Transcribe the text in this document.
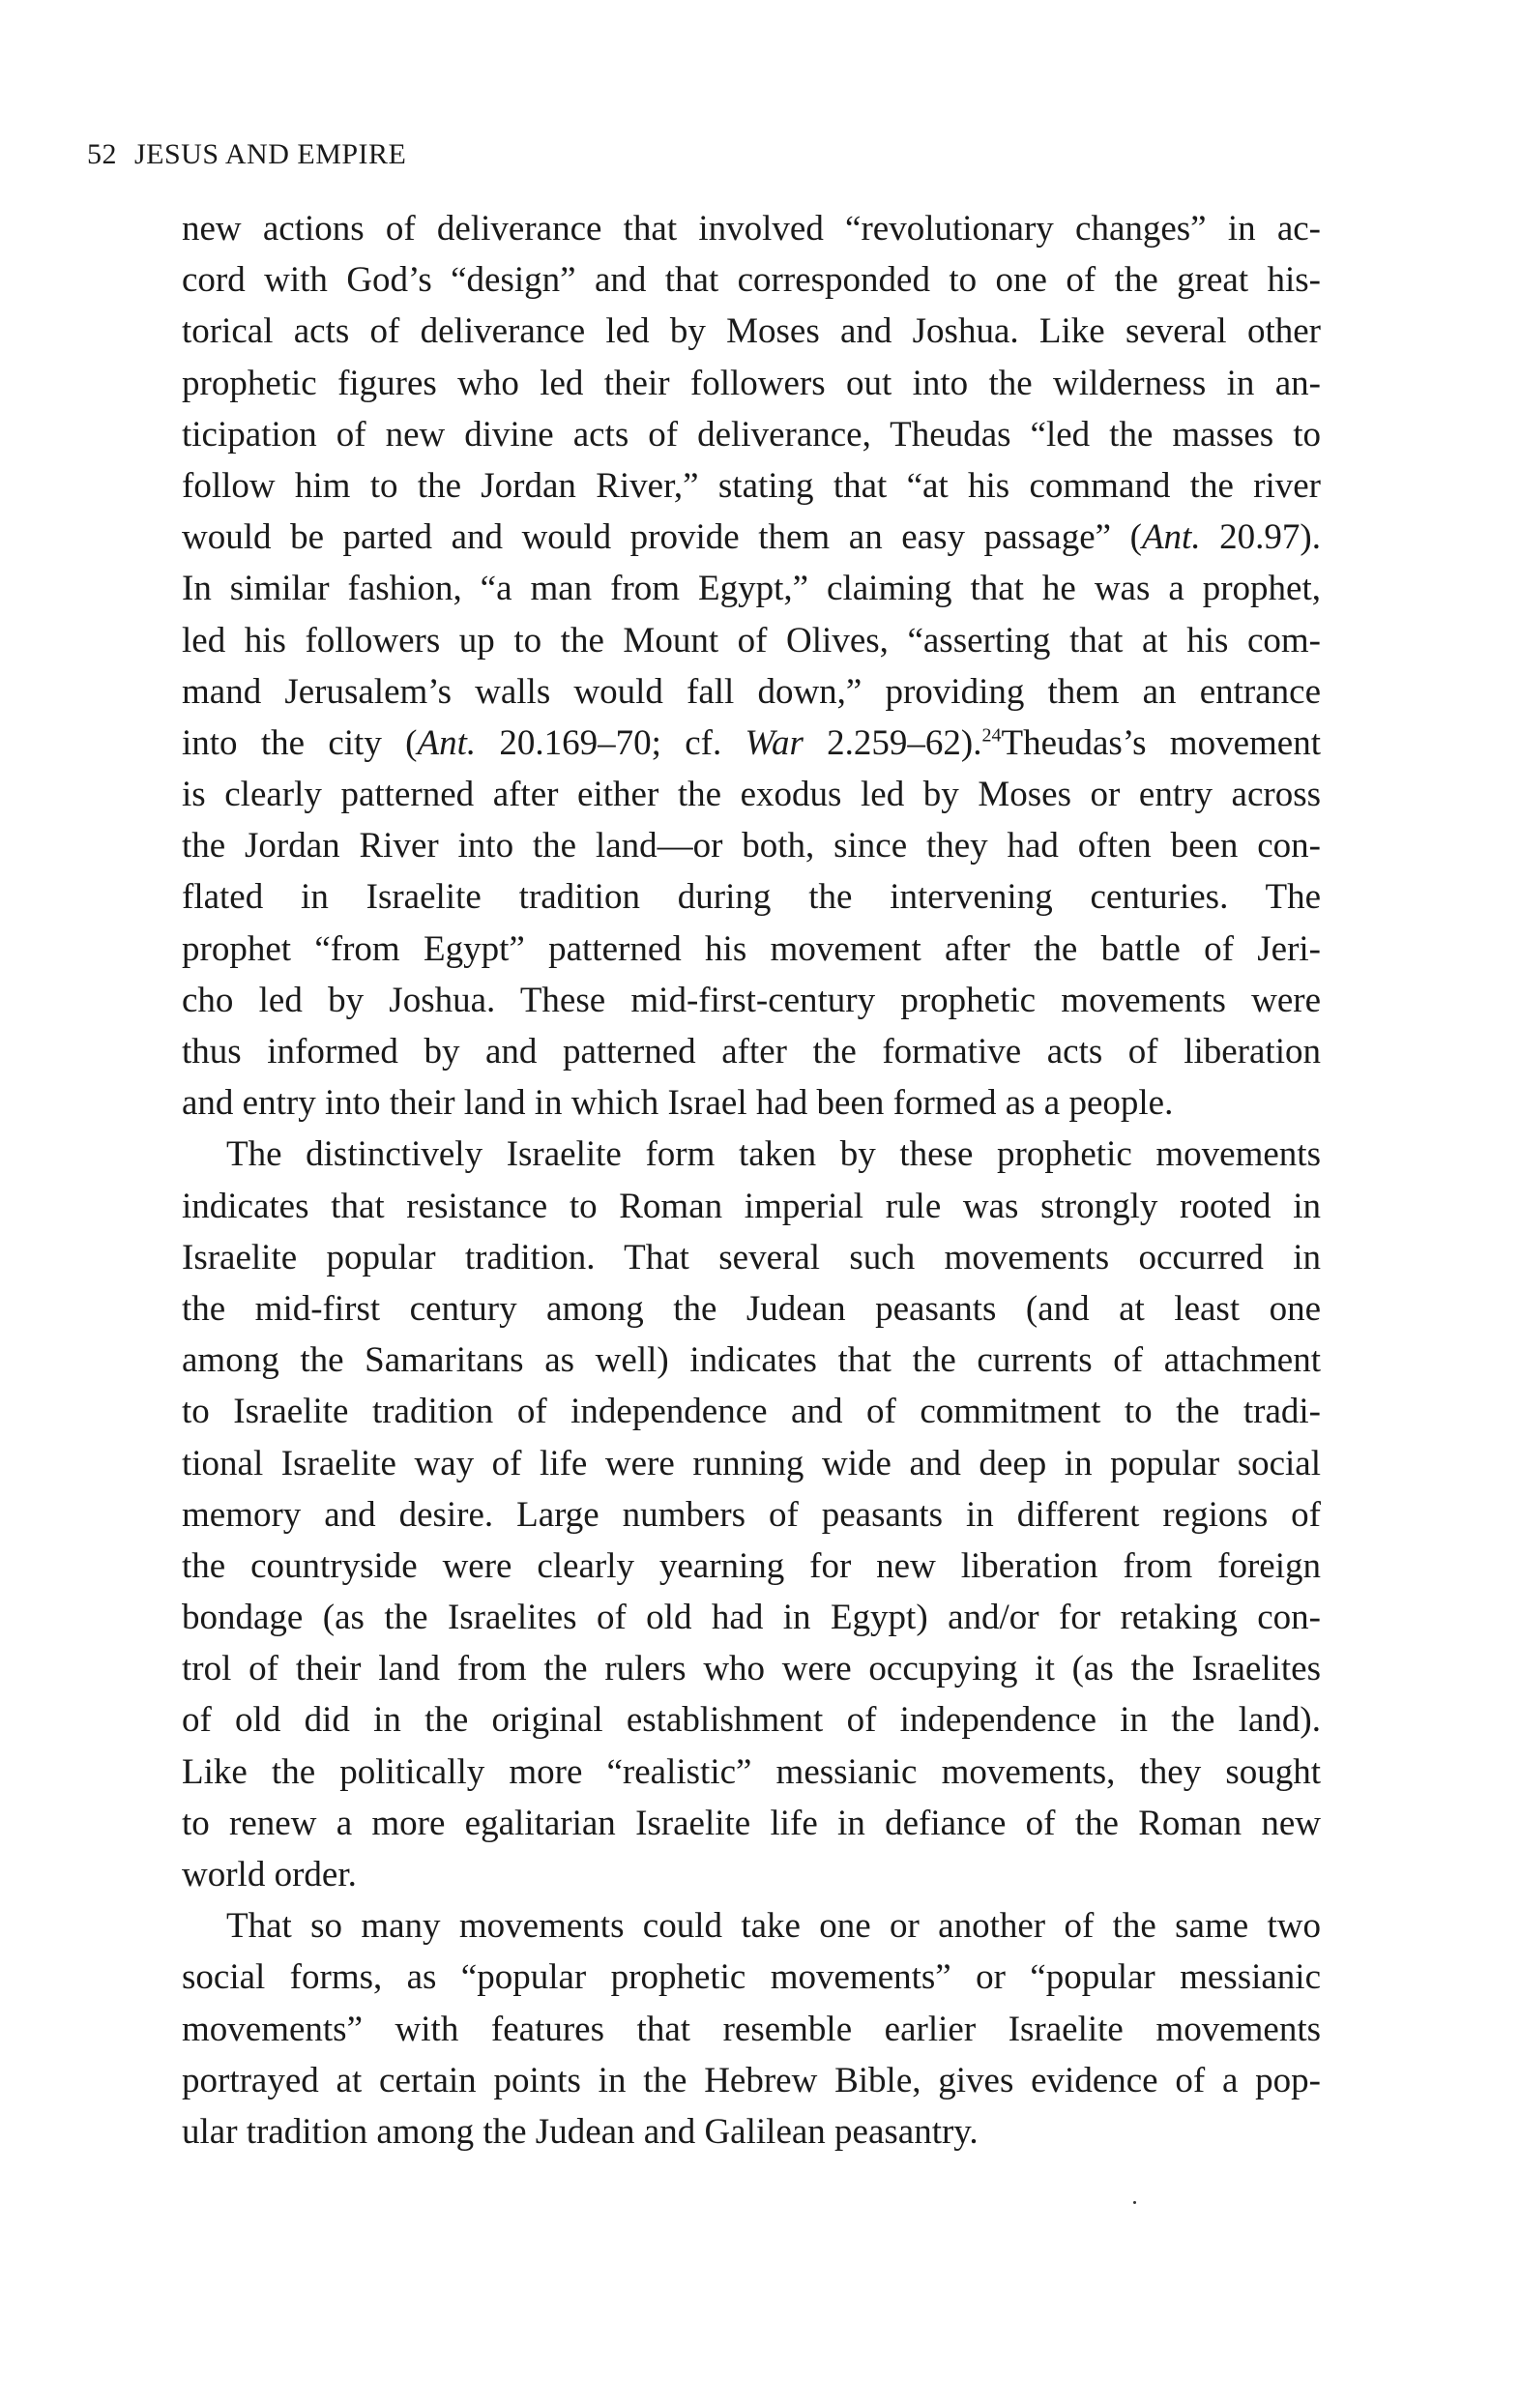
52 JESUS AND EMPIRE
new actions of deliverance that involved “revolutionary changes” in ac-
cord with God’s “design” and that corresponded to one of the great his-
torical acts of deliverance led by Moses and Joshua. Like several other
prophetic figures who led their followers out into the wilderness in an-
ticipation of new divine acts of deliverance, Theudas “led the masses to
follow him to the Jordan River,” stating that “at his command the river
would be parted and would provide them an easy passage” (Ant. 20.97).
In similar fashion, “a man from Egypt,” claiming that he was a prophet,
led his followers up to the Mount of Olives, “asserting that at his com-
mand Jerusalem’s walls would fall down,” providing them an entrance
into the city (Ant. 20.169–70; cf. War 2.259–62).$^{24}$Theudas’s movement
is clearly patterned after either the exodus led by Moses or entry across
the Jordan River into the land—or both, since they had often been con-
flated in Israelite tradition during the intervening centuries. The
prophet “from Egypt” patterned his movement after the battle of Jeri-
cho led by Joshua. These mid-first-century prophetic movements were
thus informed by and patterned after the formative acts of liberation
and entry into their land in which Israel had been formed as a people.
The distinctively Israelite form taken by these prophetic movements
indicates that resistance to Roman imperial rule was strongly rooted in
Israelite popular tradition. That several such movements occurred in
the mid-first century among the Judean peasants (and at least one
among the Samaritans as well) indicates that the currents of attachment
to Israelite tradition of independence and of commitment to the tradi-
tional Israelite way of life were running wide and deep in popular social
memory and desire. Large numbers of peasants in different regions of
the countryside were clearly yearning for new liberation from foreign
bondage (as the Israelites of old had in Egypt) and/or for retaking con-
trol of their land from the rulers who were occupying it (as the Israelites
of old did in the original establishment of independence in the land).
Like the politically more “realistic” messianic movements, they sought
to renew a more egalitarian Israelite life in defiance of the Roman new
world order.
That so many movements could take one or another of the same two
social forms, as “popular prophetic movements” or “popular messianic
movements” with features that resemble earlier Israelite movements
portrayed at certain points in the Hebrew Bible, gives evidence of a pop-
ular tradition among the Judean and Galilean peasantry.
